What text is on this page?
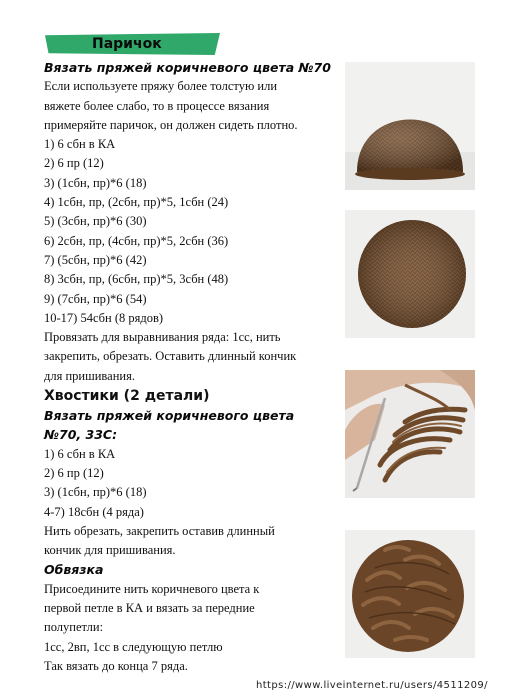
Паричок
Вязать пряжей коричневого цвета №70
Если используете пряжу более толстую или
вяжете более слабо, то в процессе вязания
примеряйте паричок, он должен сидеть плотно.
1) 6 сбн в КА
2) 6 пр (12)
3) (1сбн, пр)*6 (18)
4) 1сбн, пр, (2сбн, пр)*5, 1сбн (24)
5) (3сбн, пр)*6 (30)
6) 2сбн, пр, (4сбн, пр)*5, 2сбн (36)
7) (5сбн, пр)*6 (42)
8) 3сбн, пр, (6сбн, пр)*5, 3сбн (48)
9) (7сбн, пр)*6 (54)
10-17) 54сбн (8 рядов)
Провязать для выравнивания ряда: 1сс, нить
закрепить, обрезать. Оставить длинный кончик
для пришивания.
Хвостики (2 детали)
Вязать пряжей коричневого цвета
№70, 33С:
1) 6 сбн в КА
2) 6 пр (12)
3) (1сбн, пр)*6 (18)
4-7) 18сбн (4 ряда)
Нить обрезать, закрепить оставив длинный
кончик для пришивания.
Обвязка
Присоедините нить коричневого цвета к
первой петле в КА и вязать за передние
полупетли:
1сс, 2вп, 1сс в следующую петлю
Так вязать до конца 7 ряда.
https://www.liveinternet.ru/users/4511209/
